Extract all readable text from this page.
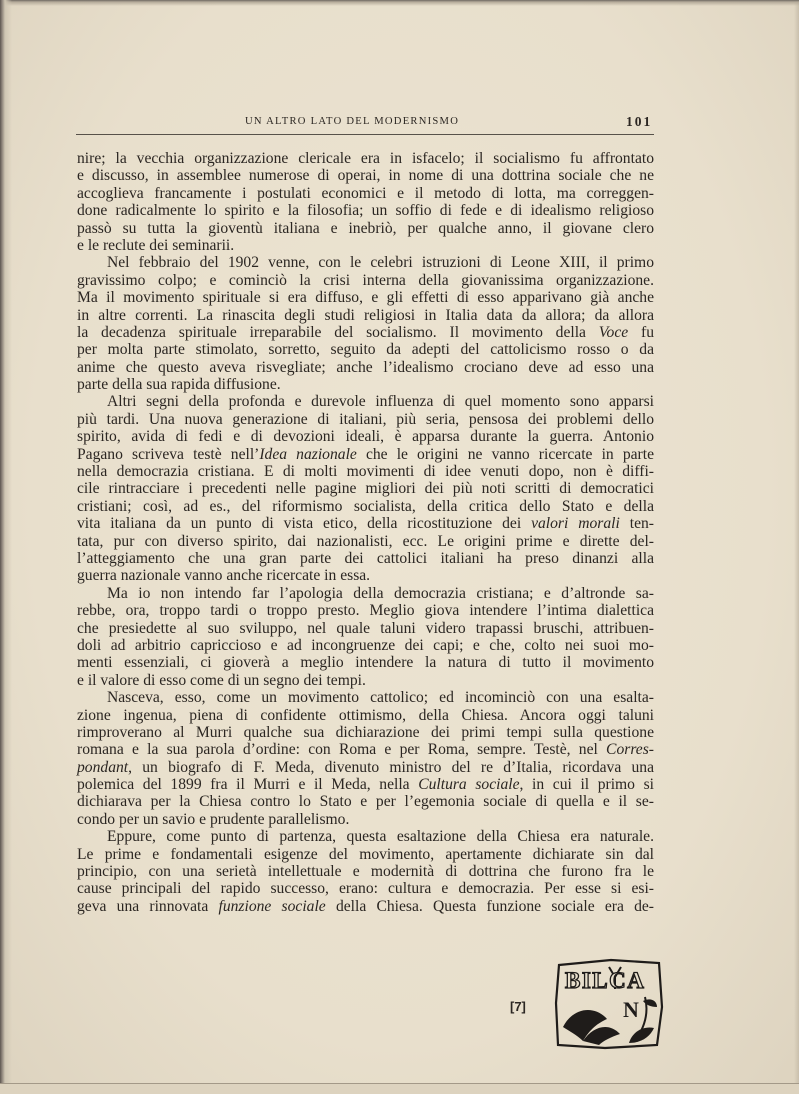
UN ALTRO LATO DEL MODERNISMO	101
nire; la vecchia organizzazione clericale era in isfacelo; il socialismo fu affrontato
e discusso, in assemblee numerose di operai, in nome di una dottrina sociale che ne
accoglieva francamente i postulati economici e il metodo di lotta, ma correggen-
done radicalmente lo spirito e la filosofia; un soffio di fede e di idealismo religioso
passò su tutta la gioventù italiana e inebriò, per qualche anno, il giovane clero
e le reclute dei seminarii.
Nel febbraio del 1902 venne, con le celebri istruzioni di Leone XIII, il primo
gravissimo colpo; e cominciò la crisi interna della giovanissima organizzazione.
Ma il movimento spirituale si era diffuso, e gli effetti di esso apparivano già anche
in altre correnti. La rinascita degli studi religiosi in Italia data da allora; da allora
la decadenza spirituale irreparabile del socialismo. Il movimento della Voce fu
per molta parte stimolato, sorretto, seguito da adepti del cattolicismo rosso o da
anime che questo aveva risvegliate; anche l’idealismo crociano deve ad esso una
parte della sua rapida diffusione.
Altri segni della profonda e durevole influenza di quel momento sono apparsi
più tardi. Una nuova generazione di italiani, più seria, pensosa dei problemi dello
spirito, avida di fedi e di devozioni ideali, è apparsa durante la guerra. Antonio
Pagano scriveva testè nell’Idea nazionale che le origini ne vanno ricercate in parte
nella democrazia cristiana. E di molti movimenti di idee venuti dopo, non è diffi-
cile rintracciare i precedenti nelle pagine migliori dei più noti scritti di democratici
cristiani; così, ad es., del riformismo socialista, della critica dello Stato e della
vita italiana da un punto di vista etico, della ricostituzione dei valori morali ten-
tata, pur con diverso spirito, dai nazionalisti, ecc. Le origini prime e dirette del-
l’atteggiamento che una gran parte dei cattolici italiani ha preso dinanzi alla
guerra nazionale vanno anche ricercate in essa.
Ma io non intendo far l’apologia della democrazia cristiana; e d’altronde sa-
rebbe, ora, troppo tardi o troppo presto. Meglio giova intendere l’intima dialettica
che presiedette al suo sviluppo, nel quale taluni videro trapassi bruschi, attribuen-
doli ad arbitrio capriccioso e ad incongruenze dei capi; e che, colto nei suoi mo-
menti essenziali, ci gioverà a meglio intendere la natura di tutto il movimento
e il valore di esso come di un segno dei tempi.
Nasceva, esso, come un movimento cattolico; ed incominciò con una esalta-
zione ingenua, piena di confidente ottimismo, della Chiesa. Ancora oggi taluni
rimproverano al Murri qualche sua dichiarazione dei primi tempi sulla questione
romana e la sua parola d’ordine: con Roma e per Roma, sempre. Testè, nel Corres-
pondant, un biografo di F. Meda, divenuto ministro del re d’Italia, ricordava una
polemica del 1899 fra il Murri e il Meda, nella Cultura sociale, in cui il primo si
dichiarava per la Chiesa contro lo Stato e per l’egemonia sociale di quella e il se-
condo per un savio e prudente parallelismo.
Eppure, come punto di partenza, questa esaltazione della Chiesa era naturale.
Le prime e fondamentali esigenze del movimento, apertamente dichiarate sin dal
principio, con una serietà intellettuale e modernità di dottrina che furono fra le
cause principali del rapido successo, erano: cultura e democrazia. Per esse si esi-
geva una rinnovata funzione sociale della Chiesa. Questa funzione sociale era de-
[7]
BILCA
N
